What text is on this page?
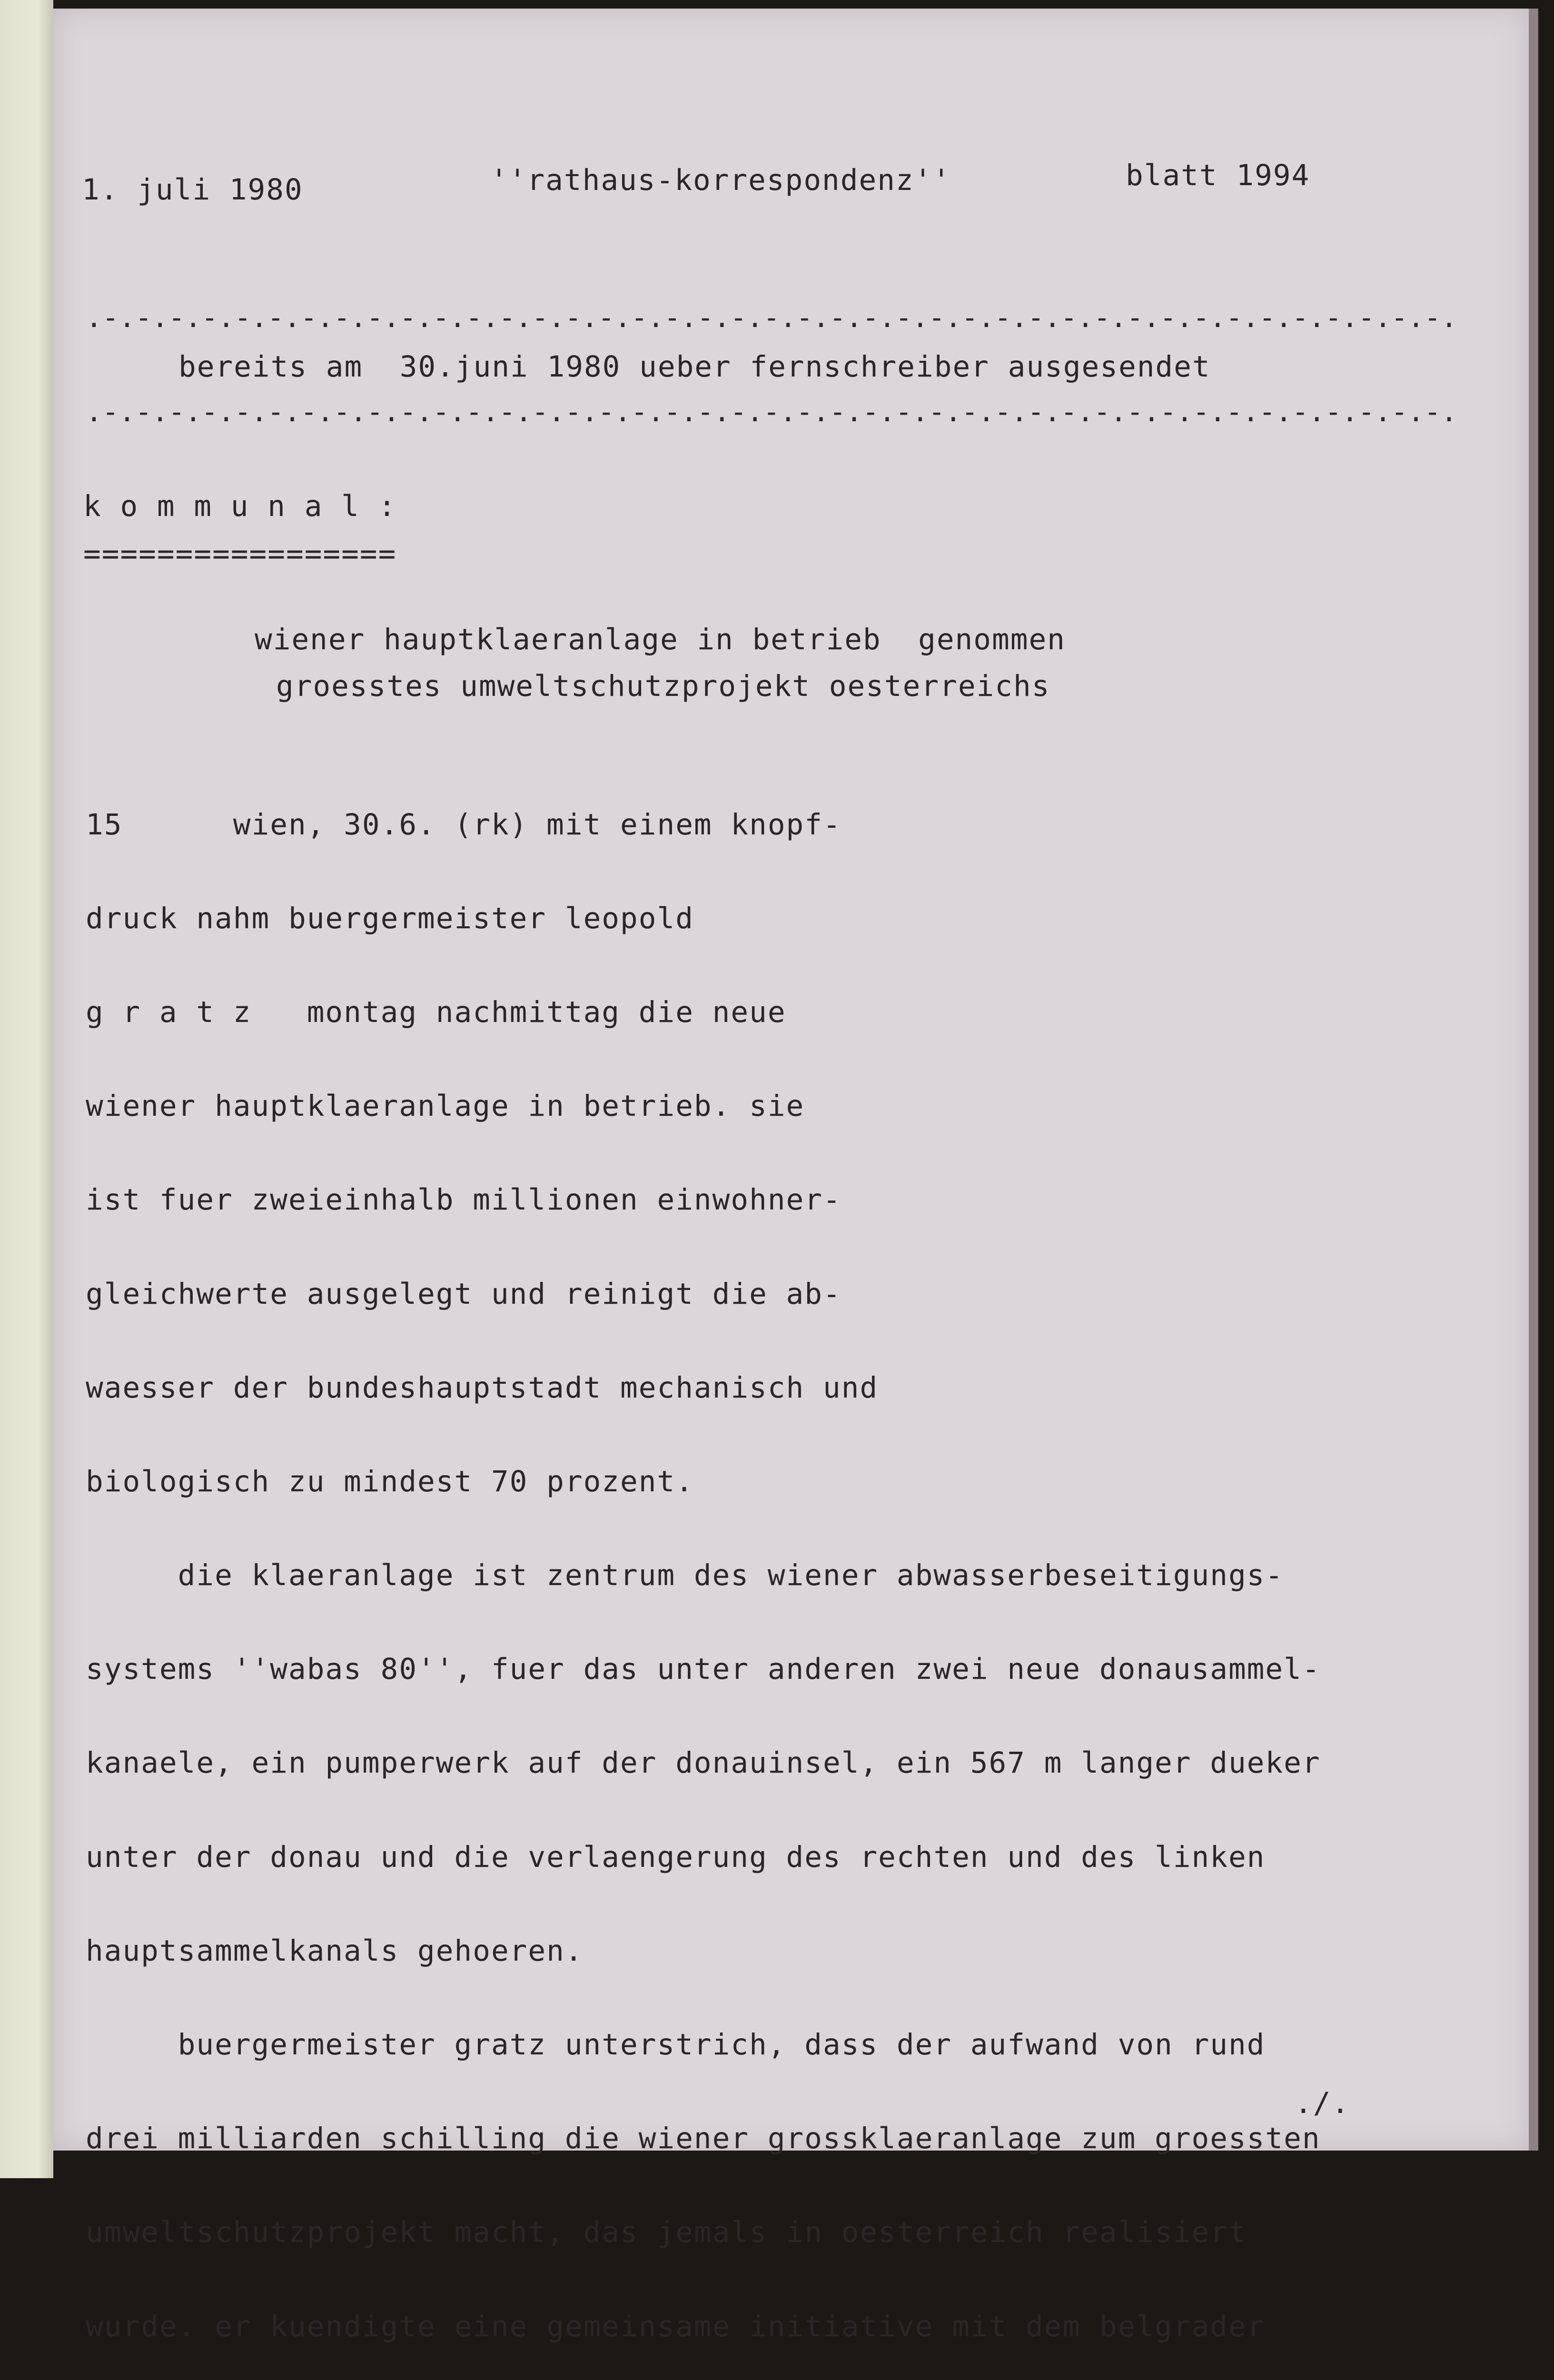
1. juli 1980	''rathaus-korrespondenz''	blatt 1994

.-.-.-.-.-.-.-.-.-.-.-.-.-.-.-.-.-.-.-.-.-.-.-.-.-.-.-.-.-.-.-.-.-.-.-.-.-.-.-.-.-.

bereits am  30.juni 1980 ueber fernschreiber ausgesendet

.-.-.-.-.-.-.-.-.-.-.-.-.-.-.-.-.-.-.-.-.-.-.-.-.-.-.-.-.-.-.-.-.-.-.-.-.-.-.-.-.-.

k o m m u n a l :

=================

wiener hauptklaeranlage in betrieb  genommen

groesstes umweltschutzprojekt oesterreichs

15      wien, 30.6. (rk) mit einem knopf-

druck nahm buergermeister leopold

g r a t z   montag nachmittag die neue

wiener hauptklaeranlage in betrieb. sie

ist fuer zweieinhalb millionen einwohner-

gleichwerte ausgelegt und reinigt die ab-

waesser der bundeshauptstadt mechanisch und

biologisch zu mindest 70 prozent.

die klaeranlage ist zentrum des wiener abwasserbeseitigungs-

systems ''wabas 80'', fuer das unter anderen zwei neue donausammel-

kanaele, ein pumperwerk auf der donauinsel, ein 567 m langer dueker

unter der donau und die verlaengerung des rechten und des linken

hauptsammelkanals gehoeren.

buergermeister gratz unterstrich, dass der aufwand von rund

drei milliarden schilling die wiener grossklaeranlage zum groessten

umweltschutzprojekt macht, das jemals in oesterreich realisiert

wurde. er kuendigte eine gemeinsame initiative mit dem belgrader

./.
